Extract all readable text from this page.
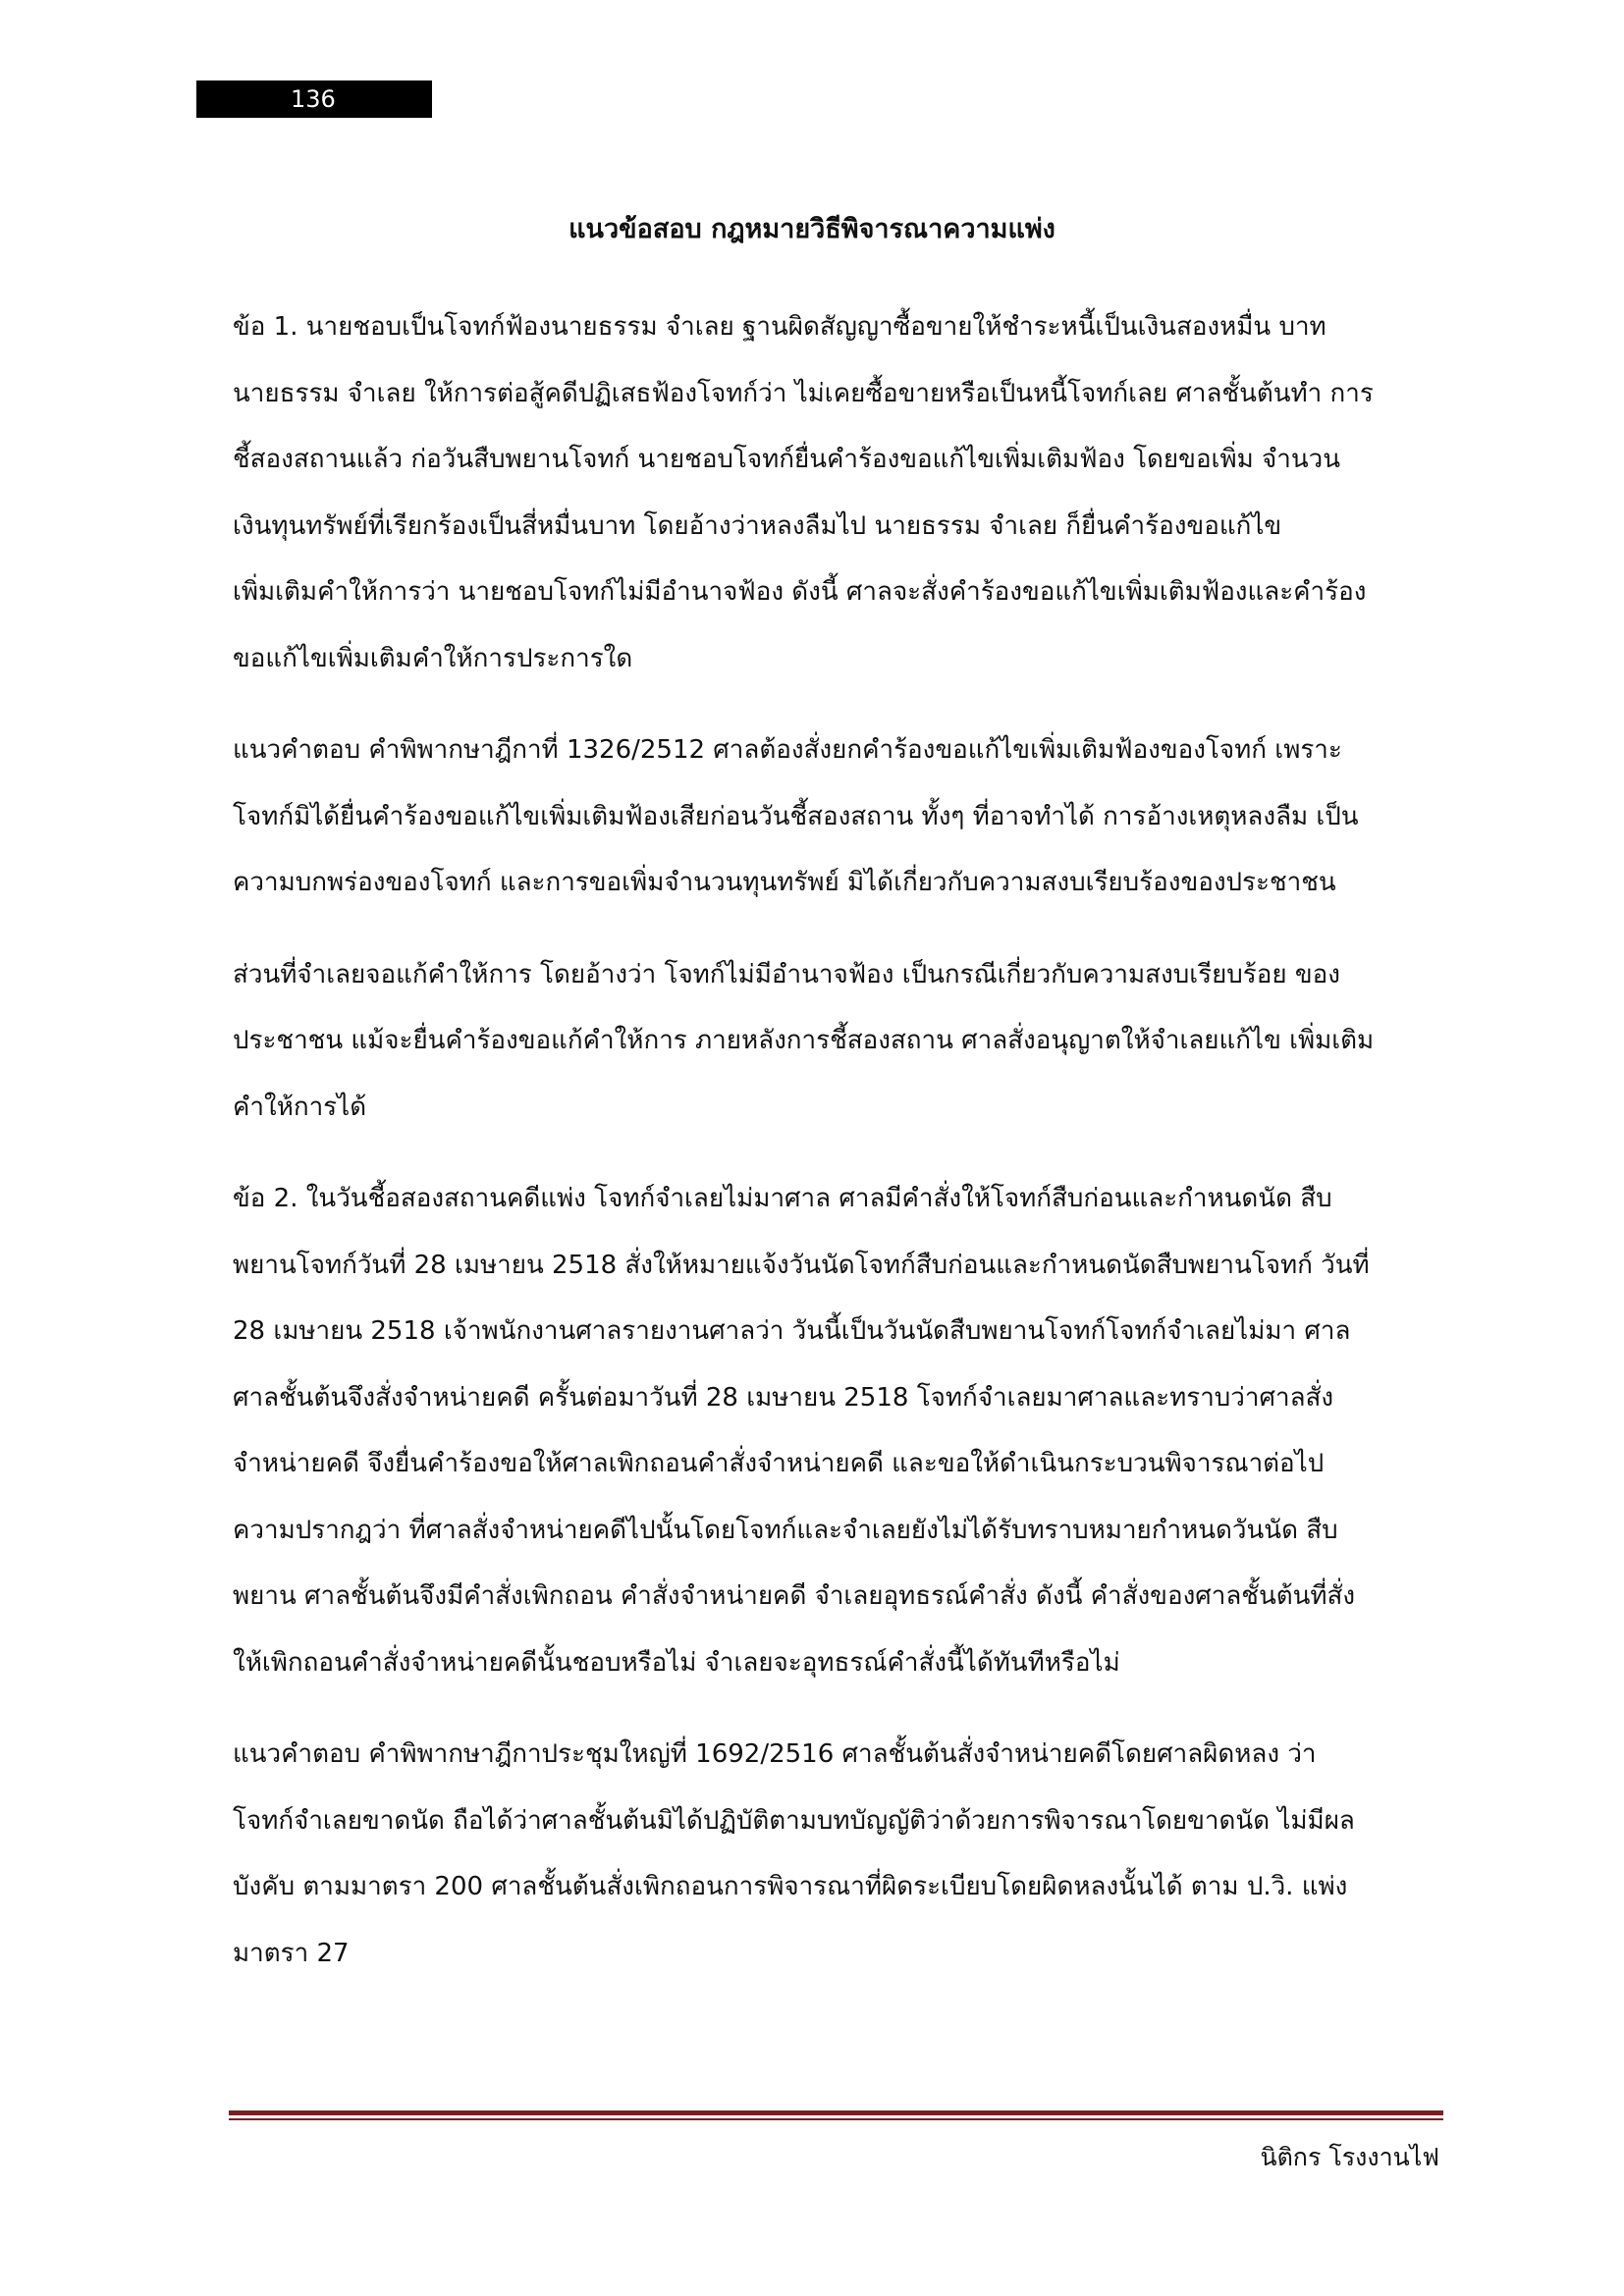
136
แนวข้อสอบ กฎหมายวิธีพิจารณาความแพ่ง
ข้อ 1. นายชอบเป็นโจทก์ฟ้องนายธรรม จำเลย ฐานผิดสัญญาซื้อขายให้ชำระหนี้เป็นเงินสองหมื่น บาท
นายธรรม จำเลย ให้การต่อสู้คดีปฏิเสธฟ้องโจทก์ว่า ไม่เคยซื้อขายหรือเป็นหนี้โจทก์เลย ศาลชั้นต้นทำ การ
ชี้สองสถานแล้ว ก่อวันสืบพยานโจทก์ นายชอบโจทก์ยื่นคำร้องขอแก้ไขเพิ่มเติมฟ้อง โดยขอเพิ่ม จำนวน
เงินทุนทรัพย์ที่เรียกร้องเป็นสี่หมื่นบาท โดยอ้างว่าหลงลืมไป นายธรรม จำเลย ก็ยื่นคำร้องขอแก้ไข
เพิ่มเติมคำให้การว่า นายชอบโจทก์ไม่มีอำนาจฟ้อง ดังนี้ ศาลจะสั่งคำร้องขอแก้ไขเพิ่มเติมฟ้องและคำร้อง
ขอแก้ไขเพิ่มเติมคำให้การประการใด
แนวคำตอบ คำพิพากษาฎีกาที่ 1326/2512 ศาลต้องสั่งยกคำร้องขอแก้ไขเพิ่มเติมฟ้องของโจทก์ เพราะ
โจทก์มิได้ยื่นคำร้องขอแก้ไขเพิ่มเติมฟ้องเสียก่อนวันชี้สองสถาน ทั้งๆ ที่อาจทำได้ การอ้างเหตุหลงลืม เป็น
ความบกพร่องของโจทก์ และการขอเพิ่มจำนวนทุนทรัพย์ มิได้เกี่ยวกับความสงบเรียบร้องของประชาชน
ส่วนที่จำเลยจอแก้คำให้การ โดยอ้างว่า โจทก์ไม่มีอำนาจฟ้อง เป็นกรณีเกี่ยวกับความสงบเรียบร้อย ของ
ประชาชน แม้จะยื่นคำร้องขอแก้คำให้การ ภายหลังการชี้สองสถาน ศาลสั่งอนุญาตให้จำเลยแก้ไข เพิ่มเติม
คำให้การได้
ข้อ 2. ในวันชี้อสองสถานคดีแพ่ง โจทก์จำเลยไม่มาศาล ศาลมีคำสั่งให้โจทก์สืบก่อนและกำหนดนัด สืบ
พยานโจทก์วันที่ 28 เมษายน 2518 สั่งให้หมายแจ้งวันนัดโจทก์สืบก่อนและกำหนดนัดสืบพยานโจทก์ วันที่
28 เมษายน 2518 เจ้าพนักงานศาลรายงานศาลว่า วันนี้เป็นวันนัดสืบพยานโจทก์โจทก์จำเลยไม่มา ศาล
ศาลชั้นต้นจึงสั่งจำหน่ายคดี ครั้นต่อมาวันที่ 28 เมษายน 2518 โจทก์จำเลยมาศาลและทราบว่าศาลสั่ง
จำหน่ายคดี จึงยื่นคำร้องขอให้ศาลเพิกถอนคำสั่งจำหน่ายคดี และขอให้ดำเนินกระบวนพิจารณาต่อไป
ความปรากฎว่า ที่ศาลสั่งจำหน่ายคดีไปนั้นโดยโจทก์และจำเลยยังไม่ได้รับทราบหมายกำหนดวันนัด สืบ
พยาน ศาลชั้นต้นจึงมีคำสั่งเพิกถอน คำสั่งจำหน่ายคดี จำเลยอุทธรณ์คำสั่ง ดังนี้ คำสั่งของศาลชั้นต้นที่สั่ง
ให้เพิกถอนคำสั่งจำหน่ายคดีนั้นชอบหรือไม่ จำเลยจะอุทธรณ์คำสั่งนี้ได้ทันทีหรือไม่
แนวคำตอบ คำพิพากษาฎีกาประชุมใหญ่ที่ 1692/2516 ศาลชั้นต้นสั่งจำหน่ายคดีโดยศาลผิดหลง ว่า
โจทก์จำเลยขาดนัด ถือได้ว่าศาลชั้นต้นมิได้ปฏิบัติตามบทบัญญัติว่าด้วยการพิจารณาโดยขาดนัด ไม่มีผล
บังคับ ตามมาตรา 200 ศาลชั้นต้นสั่งเพิกถอนการพิจารณาที่ผิดระเบียบโดยผิดหลงนั้นได้ ตาม ป.วิ. แพ่ง
มาตรา 27
นิติกร โรงงานไฟ
